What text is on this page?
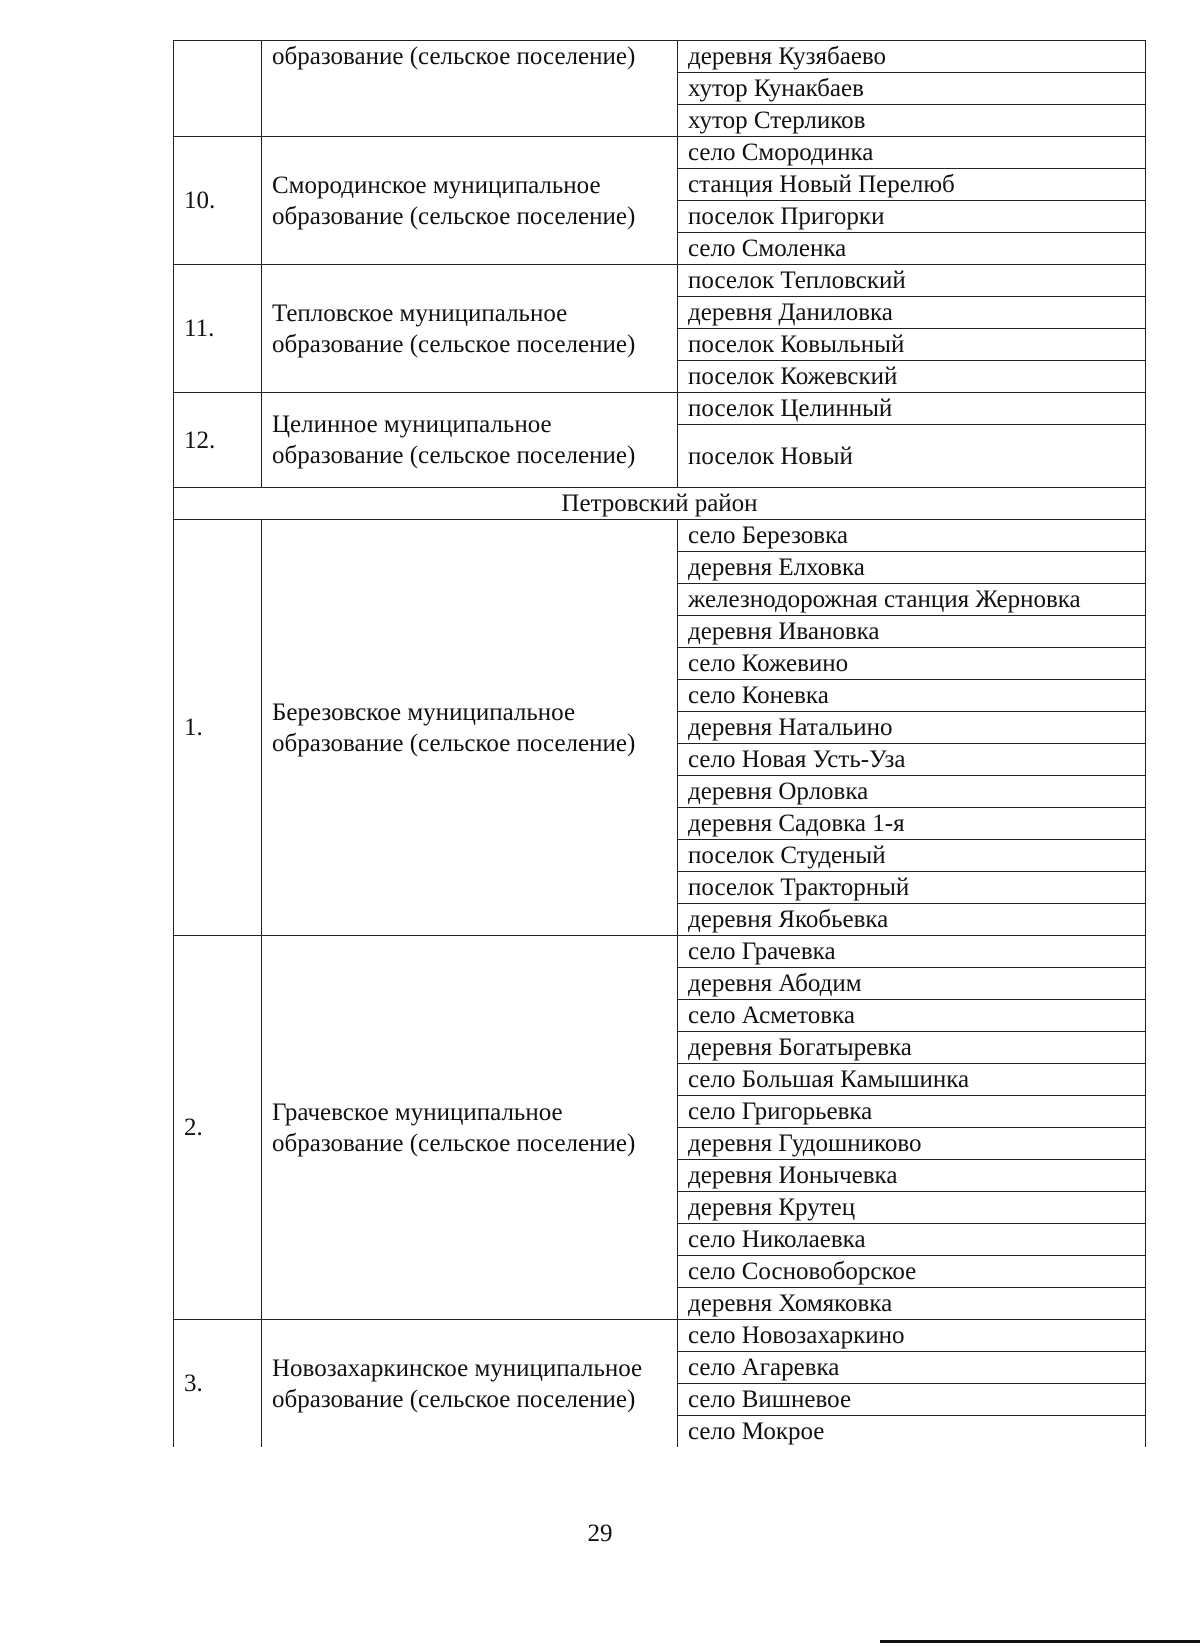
	образование (сельское поселение)	деревня Кузябаево
		хутор Кунакбаев
		хутор Стерликов
10.	Смородинское муниципальное образование (сельское поселение)	село Смородинка
		станция Новый Перелюб
		поселок Пригорки
		село Смоленка
11.	Тепловское муниципальное образование (сельское поселение)	поселок Тепловский
		деревня Даниловка
		поселок Ковыльный
		поселок Кожевский
12.	Целинное муниципальное образование (сельское поселение)	поселок Целинный
		поселок Новый
Петровский район		
1.	Березовское муниципальное образование (сельское поселение)	село Березовка
		деревня Елховка
		железнодорожная станция Жерновка
		деревня Ивановка
		село Кожевино
		село Коневка
		деревня Натальино
		село Новая Усть-Уза
		деревня Орловка
		деревня Садовка 1-я
		поселок Студеный
		поселок Тракторный
		деревня Якобьевка
2.	Грачевское муниципальное образование (сельское поселение)	село Грачевка
		деревня Абодим
		село Асметовка
		деревня Богатыревка
		село Большая Камышинка
		село Григорьевка
		деревня Гудошниково
		деревня Ионычевка
		деревня Крутец
		село Николаевка
		село Сосновоборское
		деревня Хомяковка
3.	Новозахаркинское муниципальное образование (сельское поселение)	село Новозахаркино
		село Агаревка
		село Вишневое
		село Мокрое
29
